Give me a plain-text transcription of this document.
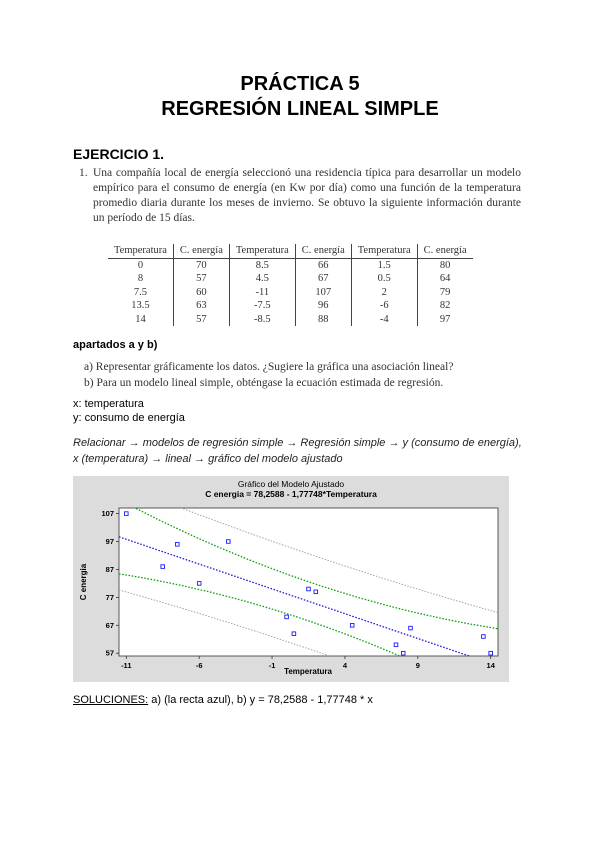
PRÁCTICA 5
REGRESIÓN LINEAL SIMPLE
EJERCICIO 1.
1. Una compañía local de energía seleccionó una residencia típica para desarrollar un modelo empírico para el consumo de energía (en Kw por día) como una función de la temperatura promedio diaria durante los meses de invierno. Se obtuvo la siguiente información durante un período de 15 días.
Temperatura	C. energía	Temperatura	C. energía	Temperatura	C. energía
0	70	8.5	66	1.5	80
8	57	4.5	67	0.5	64
7.5	60	-11	107	2	79
13.5	63	-7.5	96	-6	82
14	57	-8.5	88	-4	97
apartados a y b)
a) Representar gráficamente los datos. ¿Sugiere la gráfica una asociación lineal?
b) Para un modelo lineal simple, obténgase la ecuación estimada de regresión.
x: temperatura
y: consumo de energía
Relacionar → modelos de regresión simple → Regresión simple → y (consumo de energía),
x (temperatura) → lineal → gráfico del modelo ajustado
Gráfico del Modelo Ajustado
C energia = 78,2588 - 1,77748*Temperatura
-11	-6	-1	4	9	14
57
67
77
87
97
107
Temperatura
C energia
SOLUCIONES: a) (la recta azul), b) y = 78,2588 - 1,77748 * x
